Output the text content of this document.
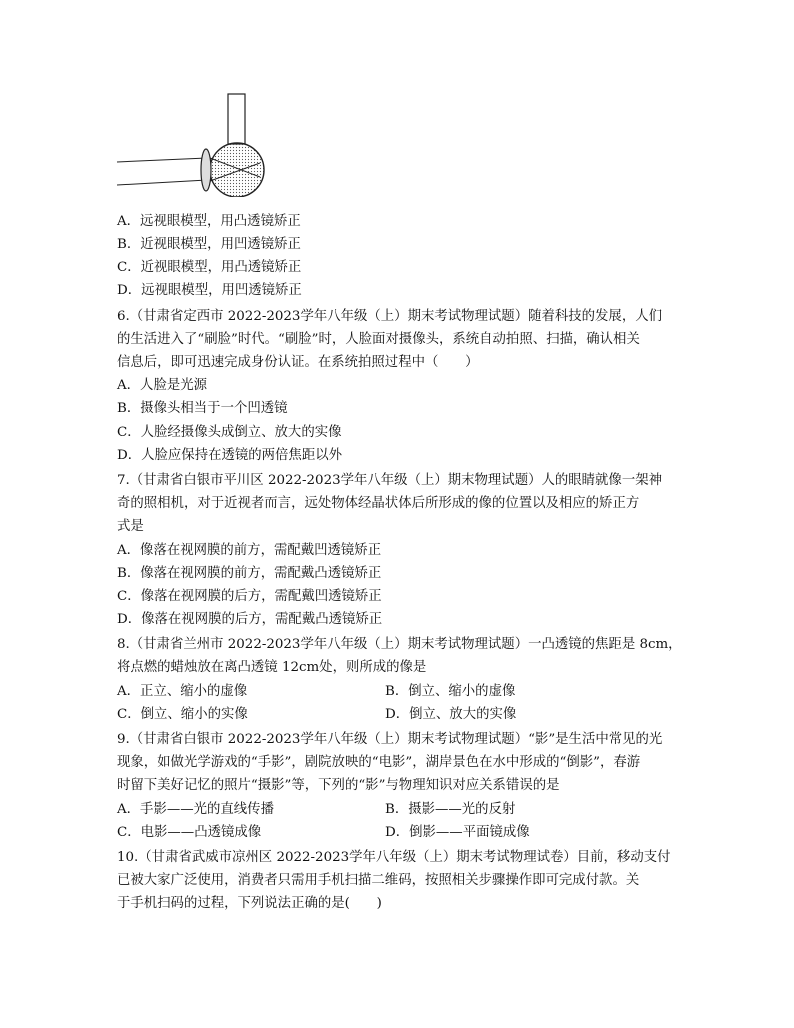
A．远视眼模型，用凸透镜矫正
B．近视眼模型，用凹透镜矫正
C．近视眼模型，用凸透镜矫正
D．远视眼模型，用凹透镜矫正
6.（甘肃省定西市 2022-2023学年八年级（上）期末考试物理试题）随着科技的发展，人们
的生活进入了“刷脸”时代。“刷脸”时，人脸面对摄像头，系统自动拍照、扫描，确认相关
信息后，即可迅速完成身份认证。在系统拍照过程中（　　）
A．人脸是光源
B．摄像头相当于一个凹透镜
C．人脸经摄像头成倒立、放大的实像
D．人脸应保持在透镜的两倍焦距以外
7.（甘肃省白银市平川区 2022-2023学年八年级（上）期末物理试题）人的眼睛就像一架神
奇的照相机，对于近视者而言，远处物体经晶状体后所形成的像的位置以及相应的矫正方
式是
A．像落在视网膜的前方，需配戴凹透镜矫正
B．像落在视网膜的前方，需配戴凸透镜矫正
C．像落在视网膜的后方，需配戴凹透镜矫正
D．像落在视网膜的后方，需配戴凸透镜矫正
8.（甘肃省兰州市 2022-2023学年八年级（上）期末考试物理试题）一凸透镜的焦距是 8cm，
将点燃的蜡烛放在离凸透镜 12cm处，则所成的像是
A．正立、缩小的虚像	B．倒立、缩小的虚像
C．倒立、缩小的实像	D．倒立、放大的实像
9.（甘肃省白银市 2022-2023学年八年级（上）期末考试物理试题）“影”是生活中常见的光
现象，如做光学游戏的“手影”，剧院放映的“电影”，湖岸景色在水中形成的“倒影”，春游
时留下美好记忆的照片“摄影”等，下列的“影”与物理知识对应关系错误的是
A．手影——光的直线传播	B．摄影——光的反射
C．电影——凸透镜成像	D．倒影——平面镜成像
10.（甘肃省武威市凉州区 2022-2023学年八年级（上）期末考试物理试卷）目前，移动支付
已被大家广泛使用，消费者只需用手机扫描二维码，按照相关步骤操作即可完成付款。关
于手机扫码的过程，下列说法正确的是(　　)
